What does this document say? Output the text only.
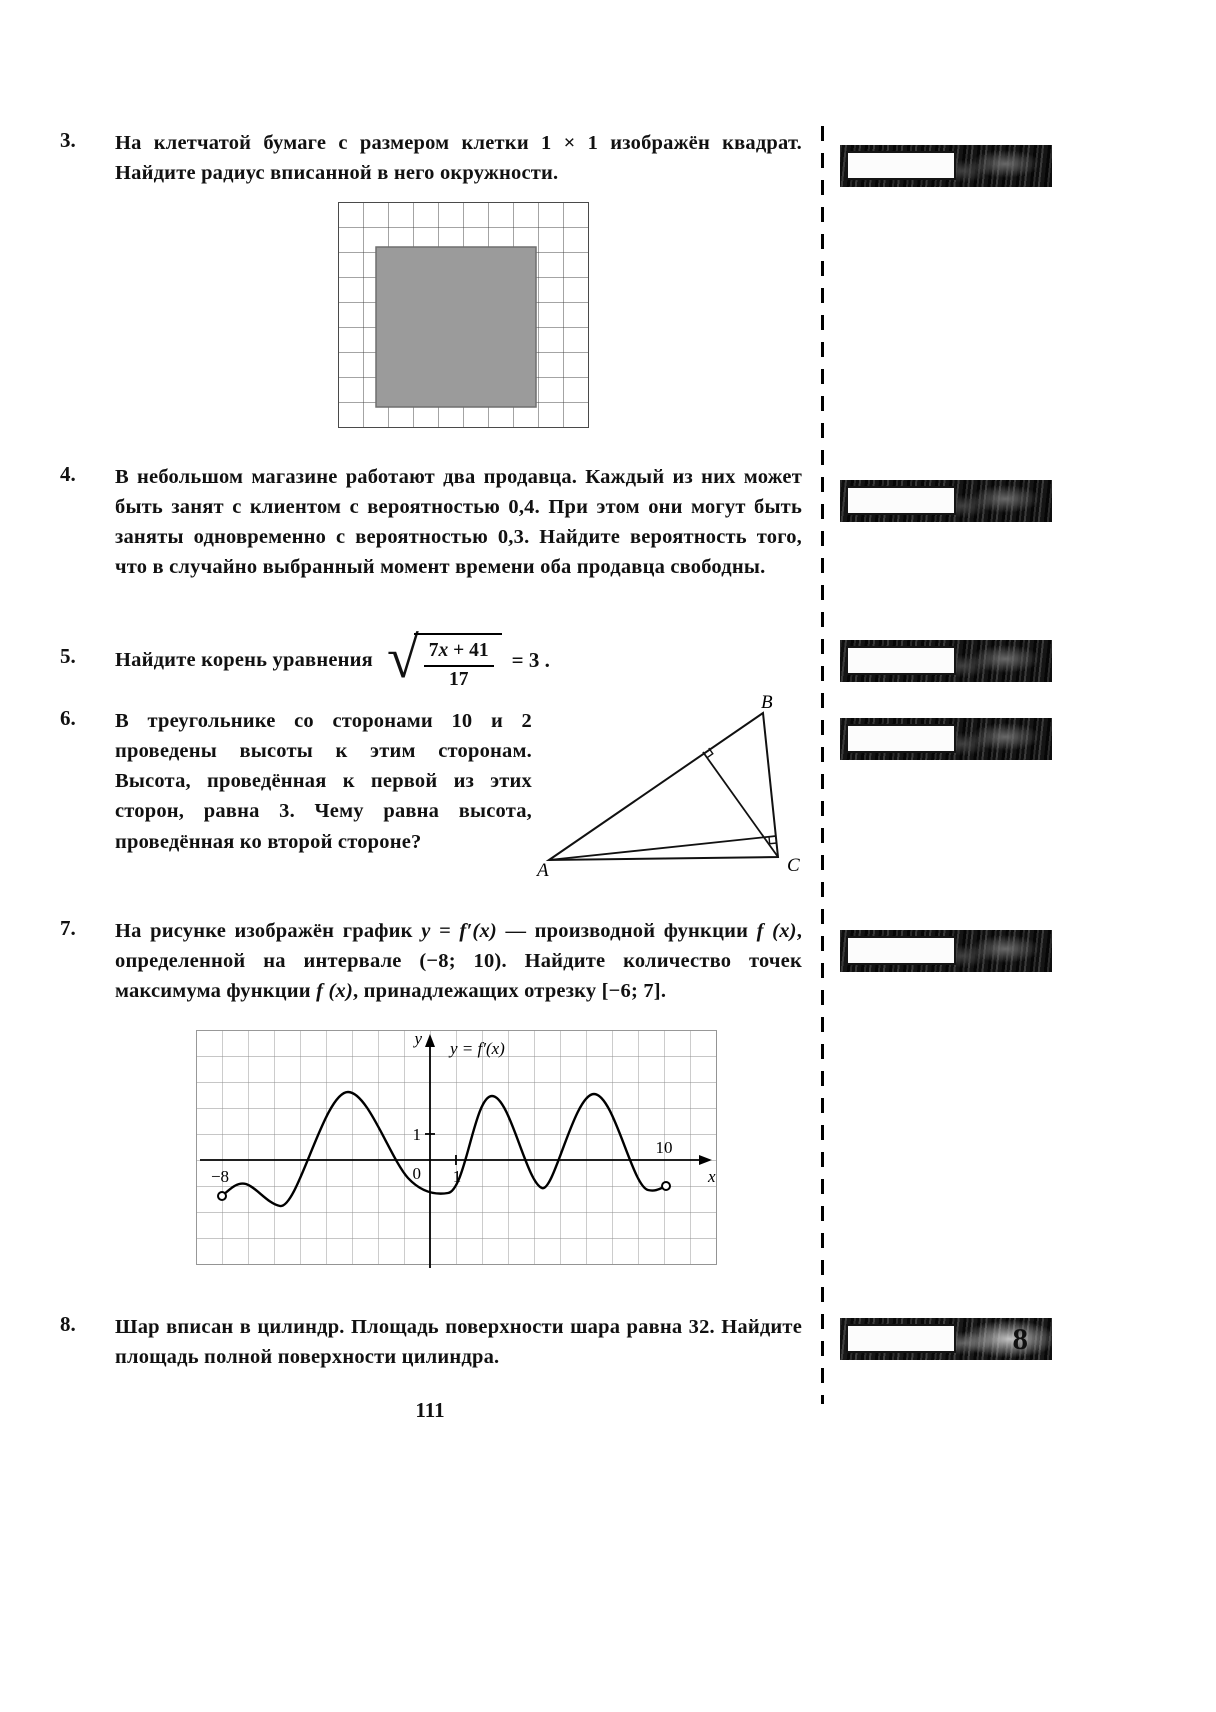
3.	На клетчатой бумаге с размером клетки 1 × 1 изображён квадрат. Найдите радиус вписанной в него окружности.
4.	В небольшом магазине работают два продавца. Каждый из них может быть занят с клиентом с вероятностью 0,4. При этом они могут быть заняты одновременно с вероятностью 0,3. Найдите вероятность того, что в случайно выбранный момент времени оба продавца свободны.
5.	Найдите корень уравнения √ $\frac{7x + 41}{17} = 3$ .
6.	В треугольнике со сторонами 10 и 2 проведены высоты к этим сторонам. Высота, проведённая к первой из этих сторон, равна 3. Чему равна высота, проведённая ко второй стороне?
A
B
C
7.	На рисунке изображён график y = f′(x) — производной функции f (x), определенной на интервале (−8; 10). Найдите количество точек максимума функции f (x), принадлежащих отрезку [−6; 7].
y
x
y = f′(x)
1
0 1
−8
10
8.	Шар вписан в цилиндр. Площадь поверхности шара равна 32. Найдите площадь полной поверхности цилиндра.
8
111
